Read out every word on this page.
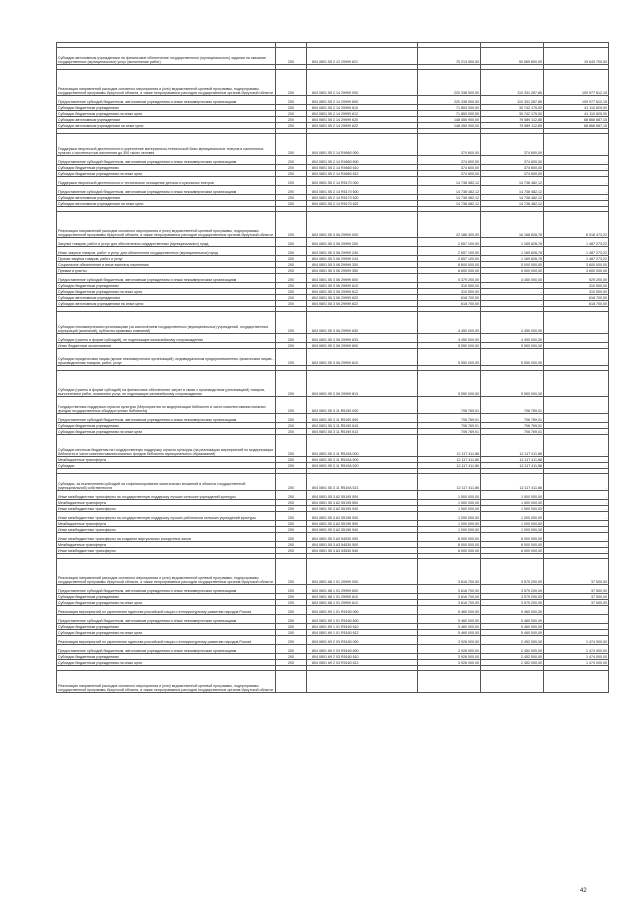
Субсидии автономным учреждениям на финансовое обеспечение государственного (муниципального) задания на оказание государственных (муниципальных) услуг (выполнение работ)	200	804 0801 55 2 12 29999 621	70 213 500,00	50 569 800,00	19 643 700,00

Реализация направлений расходов основного мероприятия и (или) ведомственной целевой программы, подпрограммы государственной программы Иркутской области, а также непрограммных расходов государственных органов Иркутской области	200	804 0801 55 2 14 29999 000	220 338 900,00	110 331 287,85	109 977 612,15
Предоставление субсидий бюджетным, автономным учреждениям и иным некоммерческим организациям	200	804 0801 55 2 14 29999 600	220 338 900,00	110 331 287,85	109 977 612,15
Субсидии бюджетным учреждениям	200	804 0801 55 2 14 29999 610	71 853 000,00	30 742 175,00	41 110 825,00
Субсидии бюджетным учреждениям на иные цели	200	804 0801 55 2 14 29999 612	71 853 000,00	30 742 175,00	41 110 825,00
Субсидии автономным учреждениям	200	804 0801 55 2 14 29999 620	148 455 900,00	79 589 112,85	68 866 687,15
Субсидии автономным учреждениям на иные цели	200	804 0801 55 2 14 29999 622	148 455 900,00	79 589 112,85	68 866 687,15

Поддержка творческой деятельности и укрепление материально-технической базы муниципальных театров в населенных пунктах с численностью населения до 300 тысяч человек	200	804 0801 55 2 14 R4660 000	374 600,00	374 600,00	-
Предоставление субсидий бюджетным, автономным учреждениям и иным некоммерческим организациям	200	804 0801 55 2 14 R4660 600	374 600,00	374 600,00	-
Субсидии бюджетным учреждениям	200	804 0801 55 2 14 R4660 610	374 600,00	374 600,00	-
Субсидии бюджетным учреждениям на иные цели	200	804 0801 55 2 14 R4660 612	374 600,00	374 600,00	-
Поддержка творческой деятельности и техническое оснащение детских и кукольных театров	200	804 0801 55 2 14 R5170 000	14 738 482,12	14 738 482,12	-
Предоставление субсидий бюджетным, автономным учреждениям и иным некоммерческим организациям	200	804 0801 55 2 14 R5170 600	14 738 482,12	14 738 482,12	-
Субсидии автономным учреждениям	200	804 0801 55 2 14 R5170 620	14 738 482,12	14 738 482,12	-
Субсидии автономным учреждениям на иные цели	200	804 0801 55 2 14 R5170 622	14 738 482,12	14 738 482,12	-

Реализация направлений расходов основного мероприятия и (или) ведомственной целевой программы, подпрограммы государственной программы Иркутской области, а также непрограммных расходов государственных органов Иркутской области	200	804 0801 55 3 06 29999 000	22 186 300,00	16 168 826,78	6 018 473,22
Закупка товаров, работ и услуг для обеспечения государственных (муниципальных) нужд	200	804 0801 55 3 06 29999 200	2 657 100,00	1 169 826,78	1 487 273,22
Иные закупки товаров, работ и услуг для обеспечения государственных (муниципальных) нужд	200	804 0801 55 3 06 29999 240	2 657 100,00	1 169 826,78	1 487 273,22
Прочая закупка товаров, работ и услуг	200	804 0801 55 3 06 29999 244	2 657 100,00	1 169 826,78	1 487 273,22
Социальное обеспечение и иные выплаты населению	200	804 0801 55 3 06 29999 300	8 600 000,00	5 000 000,00	3 600 000,00
Премии и гранты	200	804 0801 55 3 06 29999 350	8 600 000,00	5 000 000,00	3 600 000,00
Предоставление субсидий бюджетным, автономным учреждениям и иным некоммерческим организациям	200	804 0801 55 3 06 29999 600	5 379 200,00	4 450 000,00	929 200,00
Субсидии бюджетным учреждениям	200	804 0801 55 3 06 29999 610	310 500,00	-	310 500,00
Субсидии бюджетным учреждениям на иные цели	200	804 0801 55 3 06 29999 612	310 500,00	-	310 500,00
Субсидии автономным учреждениям	200	804 0801 55 3 06 29999 620	618 700,00	-	618 700,00
Субсидии автономным учреждениям на иные цели	200	804 0801 55 3 06 29999 622	618 700,00	-	618 700,00

Субсидии некоммерческим организациям (за исключением государственных (муниципальных) учреждений, государственных корпораций (компаний), публично-правовых компаний)	200	804 0801 55 3 06 29999 630	4 450 000,00	4 450 000,00	-
Субсидии (гранты в форме субсидий), не подлежащие казначейскому сопровождению	200	804 0801 55 3 06 29999 633	4 450 000,00	4 450 000,00	-
Иные бюджетные ассигнования	200	804 0801 55 3 06 29999 800	5 550 000,00	5 550 000,00	-
Субсидии юридическим лицам (кроме некоммерческих организаций), индивидуальным предпринимателям, физическим лицам - производителям товаров, работ, услуг	200	804 0801 55 3 06 29999 810	5 550 000,00	5 550 000,00	-

Субсидии (гранты в форме субсидий) на финансовое обеспечение затрат в связи с производством (реализацией) товаров, выполнением работ, оказанием услуг, не подлежащие казначейскому сопровождению	200	804 0801 55 3 06 29999 813	5 550 000,00	5 550 000,00	-
Государственная поддержка отрасли культуры (Мероприятия по модернизации библиотек в части комплектования книжных фондов государственных общедоступных библиотек)	200	804 0801 55 3 11 R5190 000	706 769,01	706 769,01	-
Предоставление субсидий бюджетным, автономным учреждениям и иным некоммерческим организациям	200	804 0801 55 3 11 R5190 600	706 769,01	706 769,01	-
Субсидии бюджетным учреждениям	200	804 0801 55 3 11 R5190 610	706 769,01	706 769,01	-
Субсидии бюджетным учреждениям на иные цели	200	804 0801 55 3 11 R5190 612	706 769,01	706 769,01	-
Субсидии местным бюджетам на государственную поддержку отрасли культуры (на реализацию мероприятий по модернизации библиотек в части комплектования книжных фондов библиотек муниципальных образований)	200	804 0801 55 3 11 R519A 000	12 117 411,86	12 117 411,86	-
Межбюджетные трансферты	200	804 0801 55 3 11 R519A 500	12 117 411,86	12 117 411,86	-
Субсидии	200	804 0801 55 3 11 R519A 520	12 117 411,86	12 117 411,86	-

Субсидии, за исключением субсидий на софинансирование капитальных вложений в объекты государственной (муниципальной) собственности	200	804 0801 55 3 11 R519A 521	12 117 411,86	12 117 411,86	-
Иные межбюджетные трансферты на государственную поддержку лучших сельских учреждений культуры	200	804 0801 55 3 A2 55195 000	1 500 000,00	1 500 000,00	-
Межбюджетные трансферты	200	804 0801 55 3 A2 55195 500	1 500 000,00	1 500 000,00	-
Иные межбюджетные трансферты	200	804 0801 55 3 A2 55195 540	1 500 000,00	1 500 000,00	-
Иные межбюджетные трансферты на государственную поддержку лучших работников сельских учреждений культуры	200	804 0801 55 3 A2 55196 000	1 000 000,00	1 000 000,00	-
Межбюджетные трансферты	200	804 0801 55 3 A2 55196 500	1 000 000,00	1 000 000,00	-
Иные межбюджетные трансферты	200	804 0801 55 3 A2 55196 540	1 000 000,00	1 000 000,00	-
Иные межбюджетные трансферты на создание виртуальных концертных залов	200	804 0801 55 3 A3 54530 000	6 000 000,00	6 000 000,00	-
Межбюджетные трансферты	200	804 0801 55 3 A3 54530 500	6 000 000,00	6 000 000,00	-
Иные межбюджетные трансферты	200	804 0801 55 3 A3 54530 540	6 000 000,00	6 000 000,00	-

Реализация направлений расходов основного мероприятия и (или) ведомственной целевой программы, подпрограммы государственной программы Иркутской области, а также непрограммных расходов государственных органов Иркутской области	200	804 0801 68 1 01 29999 000	3 616 700,00	3 579 200,00	37 500,00
Предоставление субсидий бюджетным, автономным учреждениям и иным некоммерческим организациям	200	804 0801 68 1 01 29999 600	3 616 700,00	3 579 200,00	37 500,00
Субсидии бюджетным учреждениям	200	804 0801 68 1 01 29999 610	3 616 700,00	3 579 200,00	37 500,00
Субсидии бюджетным учреждениям на иные цели	200	804 0801 68 1 01 29999 612	3 616 700,00	3 579 200,00	37 500,00
Реализация мероприятий по укреплению единства российской нации и этнокультурному развитию народов России	200	804 0801 69 1 01 R5160 000	5 460 000,00	5 460 000,00	-
Предоставление субсидий бюджетным, автономным учреждениям и иным некоммерческим организациям	200	804 0801 69 1 01 R5160 600	5 460 000,00	5 460 000,00	-
Субсидии бюджетным учреждениям	200	804 0801 69 1 01 R5160 610	5 460 000,00	5 460 000,00	-
Субсидии бюджетным учреждениям на иные цели	200	804 0801 69 1 01 R5160 612	5 460 000,00	5 460 000,00	-
Реализация мероприятий по укреплению единства российской нации и этнокультурному развитию народов России	200	804 0801 69 2 03 R5160 000	3 926 000,00	2 452 000,00	1 474 000,00
Предоставление субсидий бюджетным, автономным учреждениям и иным некоммерческим организациям	200	804 0801 69 2 03 R5160 600	3 926 000,00	2 452 000,00	1 474 000,00
Субсидии бюджетным учреждениям	200	804 0801 69 2 03 R5160 610	3 926 000,00	2 452 000,00	1 474 000,00
Субсидии бюджетным учреждениям на иные цели	200	804 0801 69 2 03 R5160 612	3 926 000,00	2 452 000,00	1 474 000,00

Реализация направлений расходов основного мероприятия и (или) ведомственной целевой программы, подпрограммы государственной программы Иркутской области, а также непрограммных расходов государственных органов Иркутской области					
42
